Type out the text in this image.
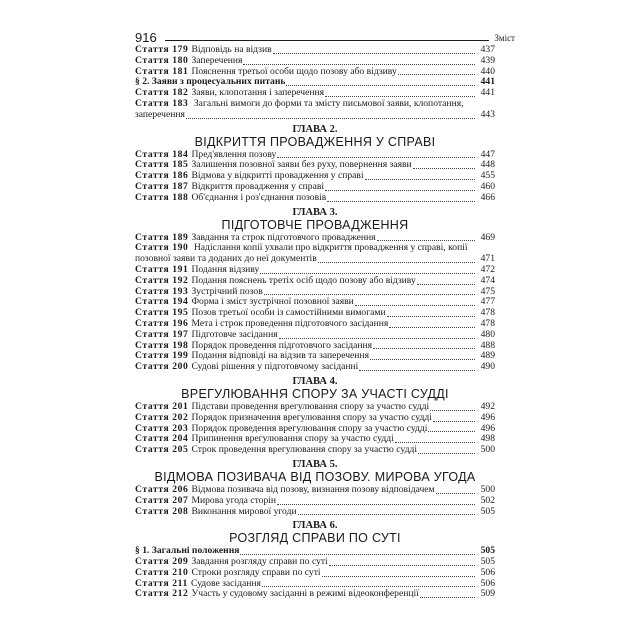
916	Зміст
Стаття 179 Відповідь на відзив	437
Стаття 180 Заперечення	439
Стаття 181 Пояснення третьої особи щодо позову або відзиву	440
§ 2. Заяви з процесуальних питань	441
Стаття 182 Заяви, клопотання і заперечення	441
Стаття 183 Загальні вимоги до форми та змісту письмової заяви, клопотання,
заперечення	443
ГЛАВА 2.
ВІДКРИТТЯ ПРОВАДЖЕННЯ У СПРАВІ
Стаття 184 Пред'явлення позову	447
Стаття 185 Залишення позовної заяви без руху, повернення заяви	448
Стаття 186 Відмова у відкритті провадження у справі	455
Стаття 187 Відкриття провадження у справі	460
Стаття 188 Об'єднання і роз'єднання позовів	466
ГЛАВА 3.
ПІДГОТОВЧЕ ПРОВАДЖЕННЯ
Стаття 189 Завдання та строк підготовчого провадження	469
Стаття 190 Надіслання копії ухвали про відкриття провадження у справі, копії
позовної заяви та доданих до неї документів	471
Стаття 191 Подання відзиву	472
Стаття 192 Подання пояснень третіх осіб щодо позову або відзиву	474
Стаття 193 Зустрічний позов	475
Стаття 194 Форма і зміст зустрічної позовної заяви	477
Стаття 195 Позов третьої особи із самостійними вимогами	478
Стаття 196 Мета і строк проведення підготовчого засідання	478
Стаття 197 Підготовче засідання	480
Стаття 198 Порядок проведення підготовчого засідання	488
Стаття 199 Подання відповіді на відзив та заперечення	489
Стаття 200 Судові рішення у підготовчому засіданні	490
ГЛАВА 4.
ВРЕГУЛЮВАННЯ СПОРУ ЗА УЧАСТІ СУДДІ
Стаття 201 Підстави проведення врегулювання спору за участю судді	492
Стаття 202 Порядок призначення врегулювання спору за участю судді	496
Стаття 203 Порядок проведення врегулювання спору за участю судді	496
Стаття 204 Припинення врегулювання спору за участю судді	498
Стаття 205 Строк проведення врегулювання спору за участю судді	500
ГЛАВА 5.
ВІДМОВА ПОЗИВАЧА ВІД ПОЗОВУ. МИРОВА УГОДА
Стаття 206 Відмова позивача від позову, визнання позову відповідачем	500
Стаття 207 Мирова угода сторін	502
Стаття 208 Виконання мирової угоди	505
ГЛАВА 6.
РОЗГЛЯД СПРАВИ ПО СУТІ
§ 1. Загальні положення	505
Стаття 209 Завдання розгляду справи по суті	505
Стаття 210 Строки розгляду справи по суті	506
Стаття 211 Судове засідання	506
Стаття 212 Участь у судовому засіданні в режимі відеоконференції	509
